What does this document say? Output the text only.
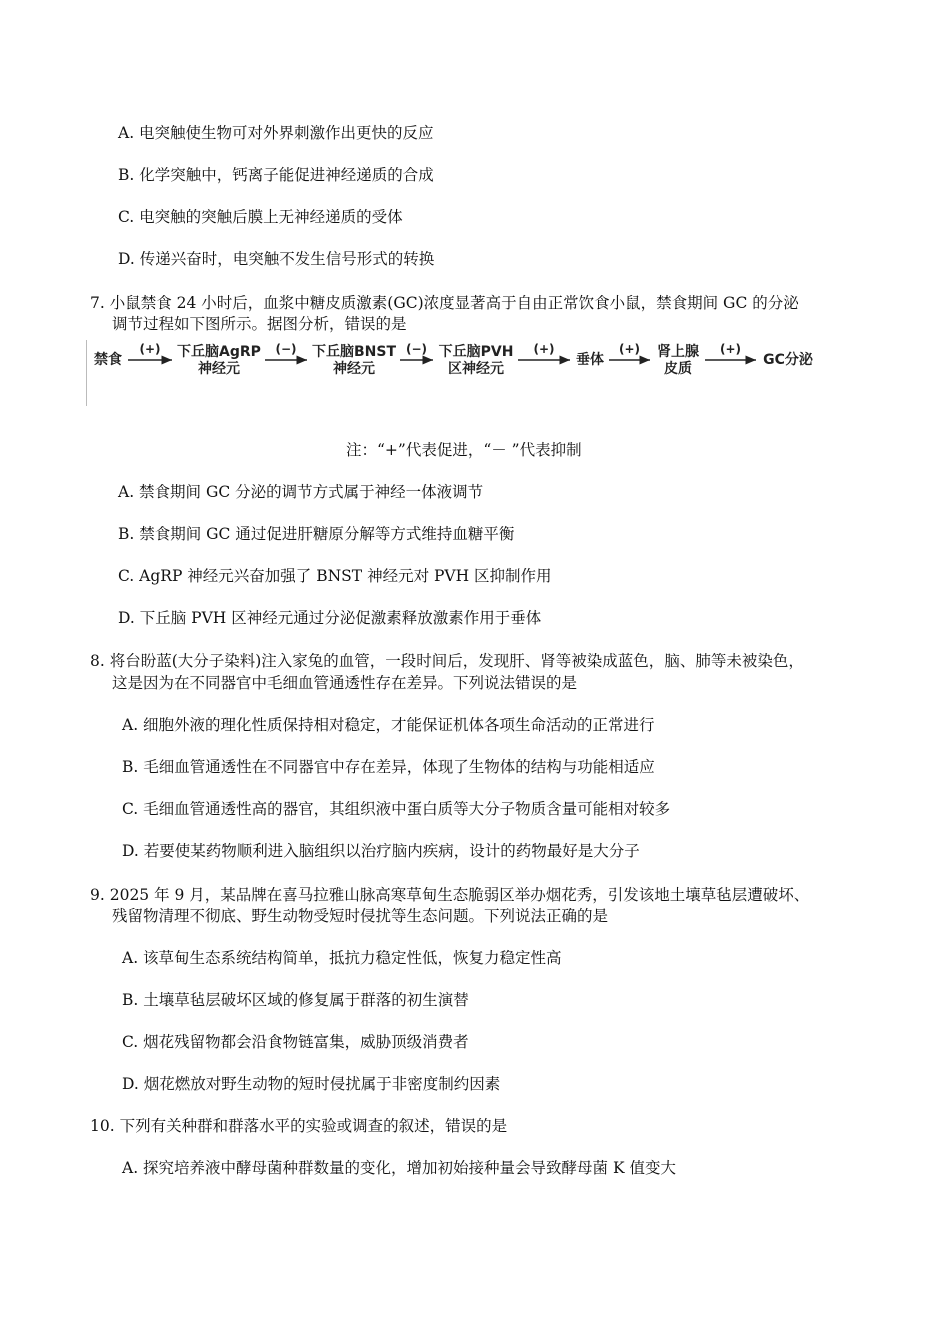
A. 电突触使生物可对外界刺激作出更快的反应
B. 化学突触中，钙离子能促进神经递质的合成
C. 电突触的突触后膜上无神经递质的受体
D. 传递兴奋时，电突触不发生信号形式的转换
7. 小鼠禁食 24 小时后，血浆中糖皮质激素(GC)浓度显著高于自由正常饮食小鼠，禁食期间 GC 的分泌
调节过程如下图所示。据图分析，错误的是
禁食	下丘脑AgRP
神经元
下丘脑BNST
神经元
下丘脑PVH
区神经元
垂体	肾上腺
皮质
GC分泌
(+)	(−)	(−)	(+)	(+)	(+)
注：“+”代表促进，“－ ”代表抑制
A. 禁食期间 GC 分泌的调节方式属于神经一体液调节
B. 禁食期间 GC 通过促进肝糖原分解等方式维持血糖平衡
C. AgRP 神经元兴奋加强了 BNST 神经元对 PVH 区抑制作用
D. 下丘脑 PVH 区神经元通过分泌促激素释放激素作用于垂体
8. 将台盼蓝(大分子染料)注入家兔的血管，一段时间后，发现肝、肾等被染成蓝色，脑、肺等未被染色，
这是因为在不同器官中毛细血管通透性存在差异。下列说法错误的是
A. 细胞外液的理化性质保持相对稳定，才能保证机体各项生命活动的正常进行
B. 毛细血管通透性在不同器官中存在差异，体现了生物体的结构与功能相适应
C. 毛细血管通透性高的器官，其组织液中蛋白质等大分子物质含量可能相对较多
D. 若要使某药物顺利进入脑组织以治疗脑内疾病，设计的药物最好是大分子
9. 2025 年 9 月，某品牌在喜马拉雅山脉高寒草甸生态脆弱区举办烟花秀，引发该地土壤草毡层遭破坏、
残留物清理不彻底、野生动物受短时侵扰等生态问题。下列说法正确的是
A. 该草甸生态系统结构简单，抵抗力稳定性低，恢复力稳定性高
B. 土壤草毡层破坏区域的修复属于群落的初生演替
C. 烟花残留物都会沿食物链富集，威胁顶级消费者
D. 烟花燃放对野生动物的短时侵扰属于非密度制约因素
10. 下列有关种群和群落水平的实验或调查的叙述，错误的是
A. 探究培养液中酵母菌种群数量的变化，增加初始接种量会导致酵母菌 K 值变大
